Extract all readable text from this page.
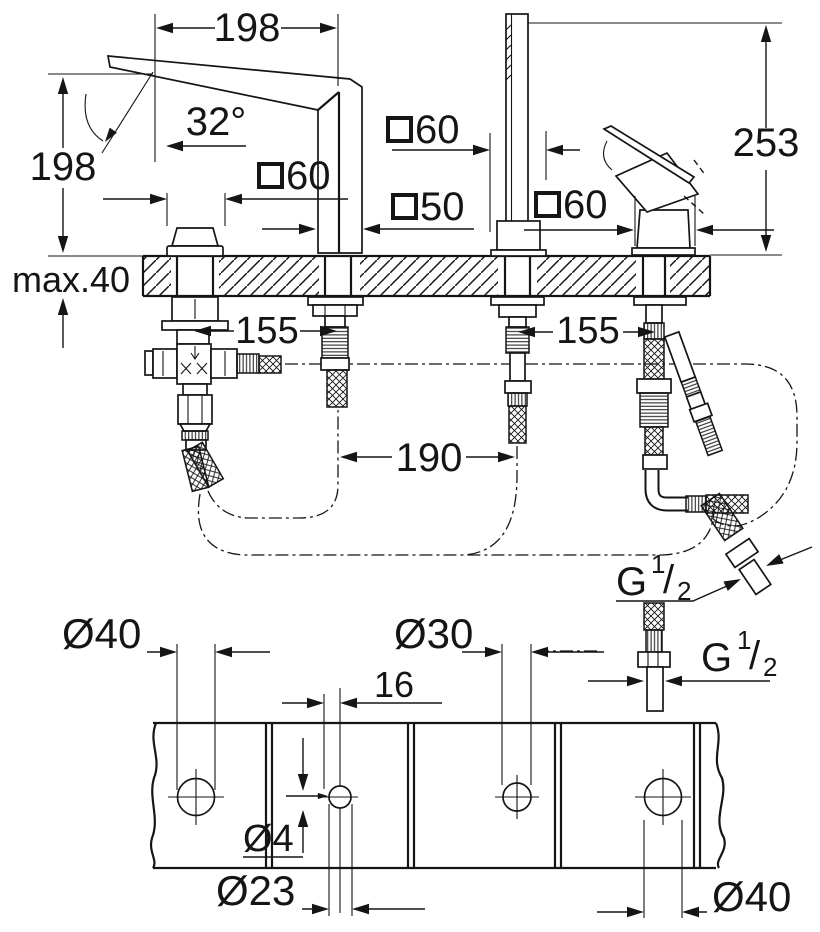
198
198
32°
60
50
60
60
253
max.40
155	155
190
G 1
/ 2
G 1
/ 2
Ø40	Ø30
16
Ø4
Ø23	Ø40
